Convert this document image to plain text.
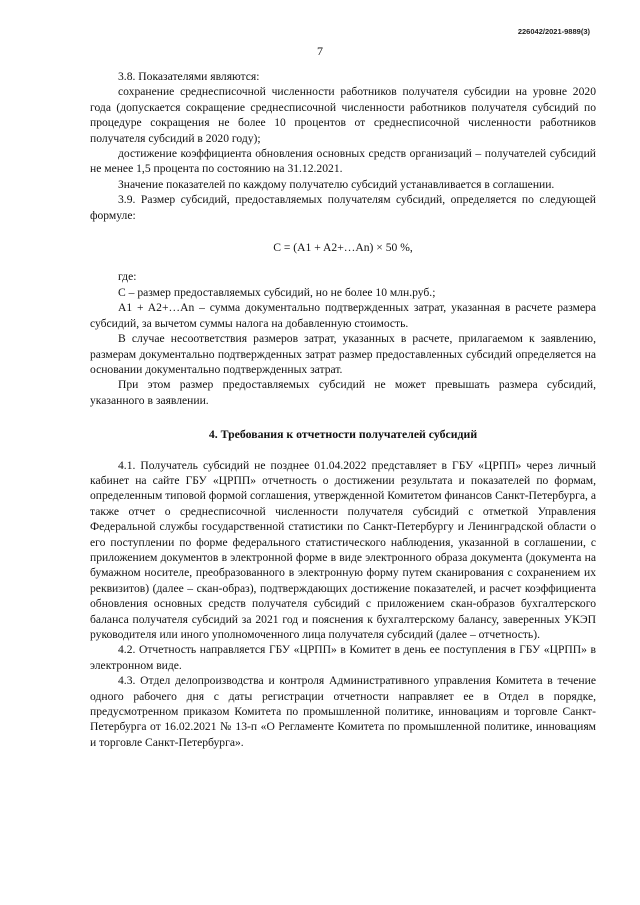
226042/2021-9889(3)
7

3.8. Показателями являются:

сохранение среднесписочной численности работников получателя субсидии на уровне 2020 года (допускается сокращение среднесписочной численности работников получателя субсидий по процедуре сокращения не более 10 процентов от среднесписочной численности работников получателя субсидий в 2020 году);

достижение коэффициента обновления основных средств организаций – получателей субсидий не менее 1,5 процента по состоянию на 31.12.2021.

Значение показателей по каждому получателю субсидий устанавливается в соглашении.

3.9. Размер субсидий, предоставляемых получателям субсидий, определяется по следующей формуле:

C = (A1 + A2+…An) × 50 %,

где:

С – размер предоставляемых субсидий, но не более 10 млн.руб.;

A1 + A2+…An – сумма документально подтвержденных затрат, указанная в расчете размера субсидий, за вычетом суммы налога на добавленную стоимость.

В случае несоответствия размеров затрат, указанных в расчете, прилагаемом к заявлению, размерам документально подтвержденных затрат размер предоставленных субсидий определяется на основании документально подтвержденных затрат.

При этом размер предоставляемых субсидий не может превышать размера субсидий, указанного в заявлении.

4. Требования к отчетности получателей субсидий

4.1. Получатель субсидий не позднее 01.04.2022 представляет в ГБУ «ЦРПП» через личный кабинет на сайте ГБУ «ЦРПП» отчетность о достижении результата и показателей по формам, определенным типовой формой соглашения, утвержденной Комитетом финансов Санкт-Петербурга, а также отчет о среднесписочной численности получателя субсидий с отметкой Управления Федеральной службы государственной статистики по Санкт-Петербургу и Ленинградской области о его поступлении по форме федерального статистического наблюдения, указанной в соглашении, с приложением документов в электронной форме в виде электронного образа документа (документа на бумажном носителе, преобразованного в электронную форму путем сканирования с сохранением их реквизитов) (далее – скан-образ), подтверждающих достижение показателей, и расчет коэффициента обновления основных средств получателя субсидий с приложением скан-образов бухгалтерского баланса получателя субсидий за 2021 год и пояснения к бухгалтерскому балансу, заверенных УКЭП руководителя или иного уполномоченного лица получателя субсидий (далее – отчетность).

4.2. Отчетность направляется ГБУ «ЦРПП» в Комитет в день ее поступления в ГБУ «ЦРПП» в электронном виде.

4.3. Отдел делопроизводства и контроля Административного управления Комитета в течение одного рабочего дня с даты регистрации отчетности направляет ее в Отдел в порядке, предусмотренном приказом Комитета по промышленной политике, инновациям и торговле Санкт-Петербурга от 16.02.2021 № 13-п «О Регламенте Комитета по промышленной политике, инновациям и торговле Санкт-Петербурга».
